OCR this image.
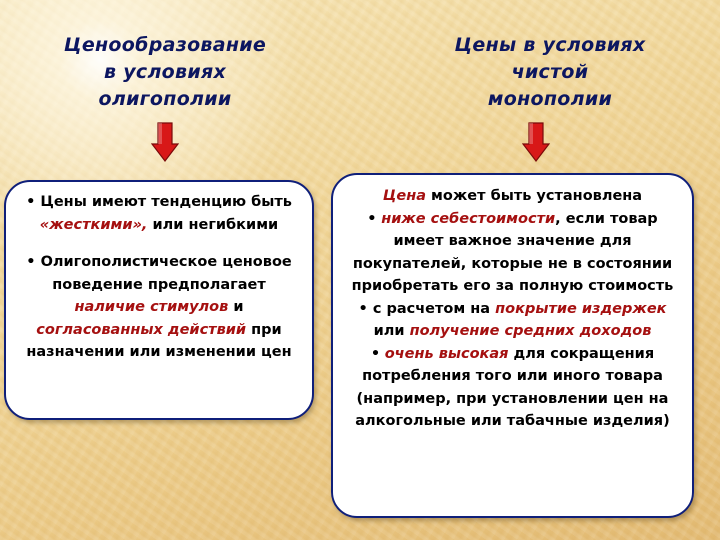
Ценообразование
в условиях
олигополии
Цены в условиях
чистой
монополии

• Цены имеют тенденцию быть «жесткими», или негибкими

• Олигополистическое ценовое поведение предполагает наличие стимулов и согласованных действий при назначении или изменении цен

Цена может быть установлена

• ниже себестоимости, если товар имеет важное значение для покупателей, которые не в состоянии приобретать его за полную стоимость

• с расчетом на покрытие издержек или получение средних доходов

• очень высокая для сокращения потребления того или иного товара (например, при установлении цен на алкогольные или табачные изделия)
